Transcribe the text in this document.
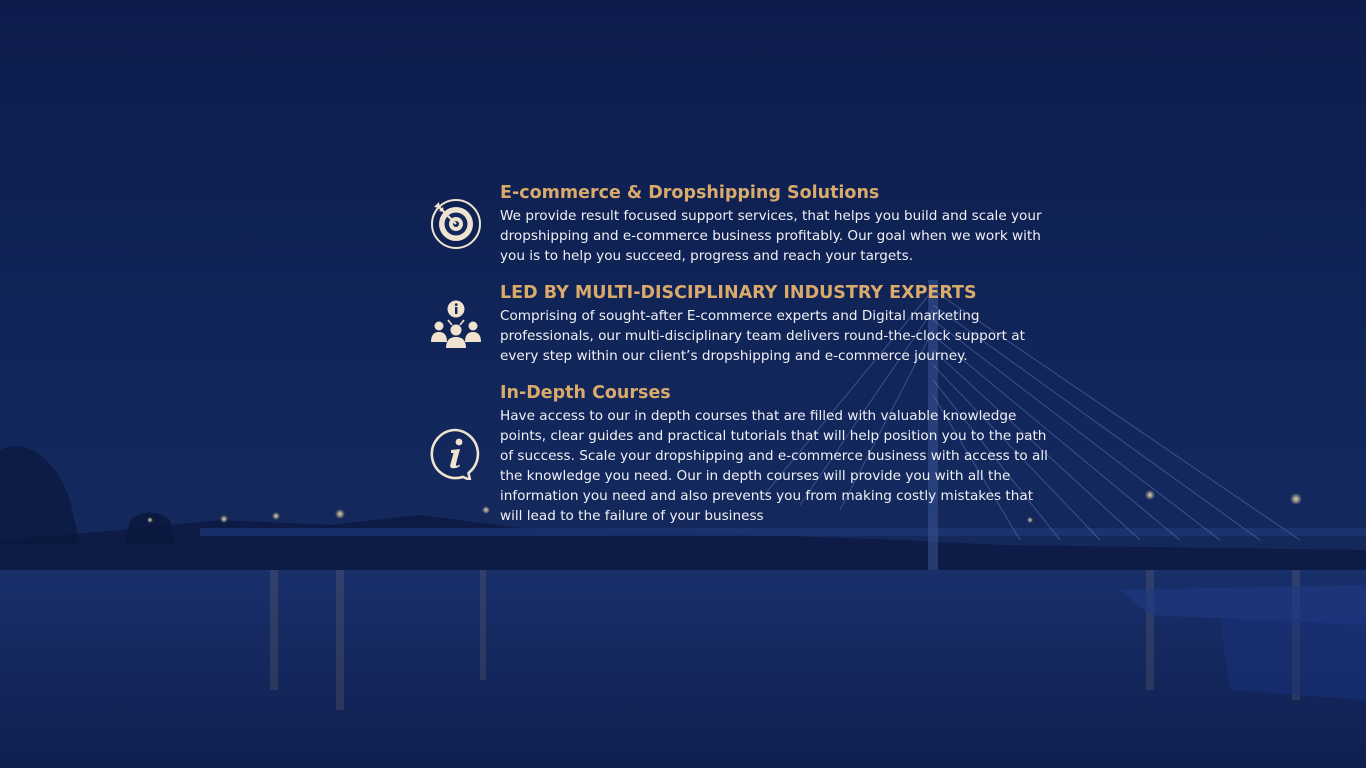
E-commerce & Dropshipping Solutions

We provide result focused support services, that helps you build and scale your dropshipping and e-commerce business profitably. Our goal when we work with you is to help you succeed, progress and reach your targets.

LED BY MULTI-DISCIPLINARY INDUSTRY EXPERTS

Comprising of sought-after E-commerce experts and Digital marketing professionals, our multi-disciplinary team delivers round-the-clock support at every step within our client’s dropshipping and e-commerce journey.

In-Depth Courses

Have access to our in depth courses that are filled with valuable knowledge points, clear guides and practical tutorials that will help position you to the path of success. Scale your dropshipping and e-commerce business with access to all the knowledge you need. Our in depth courses will provide you with all the information you need and also prevents you from making costly mistakes that will lead to the failure of your business
